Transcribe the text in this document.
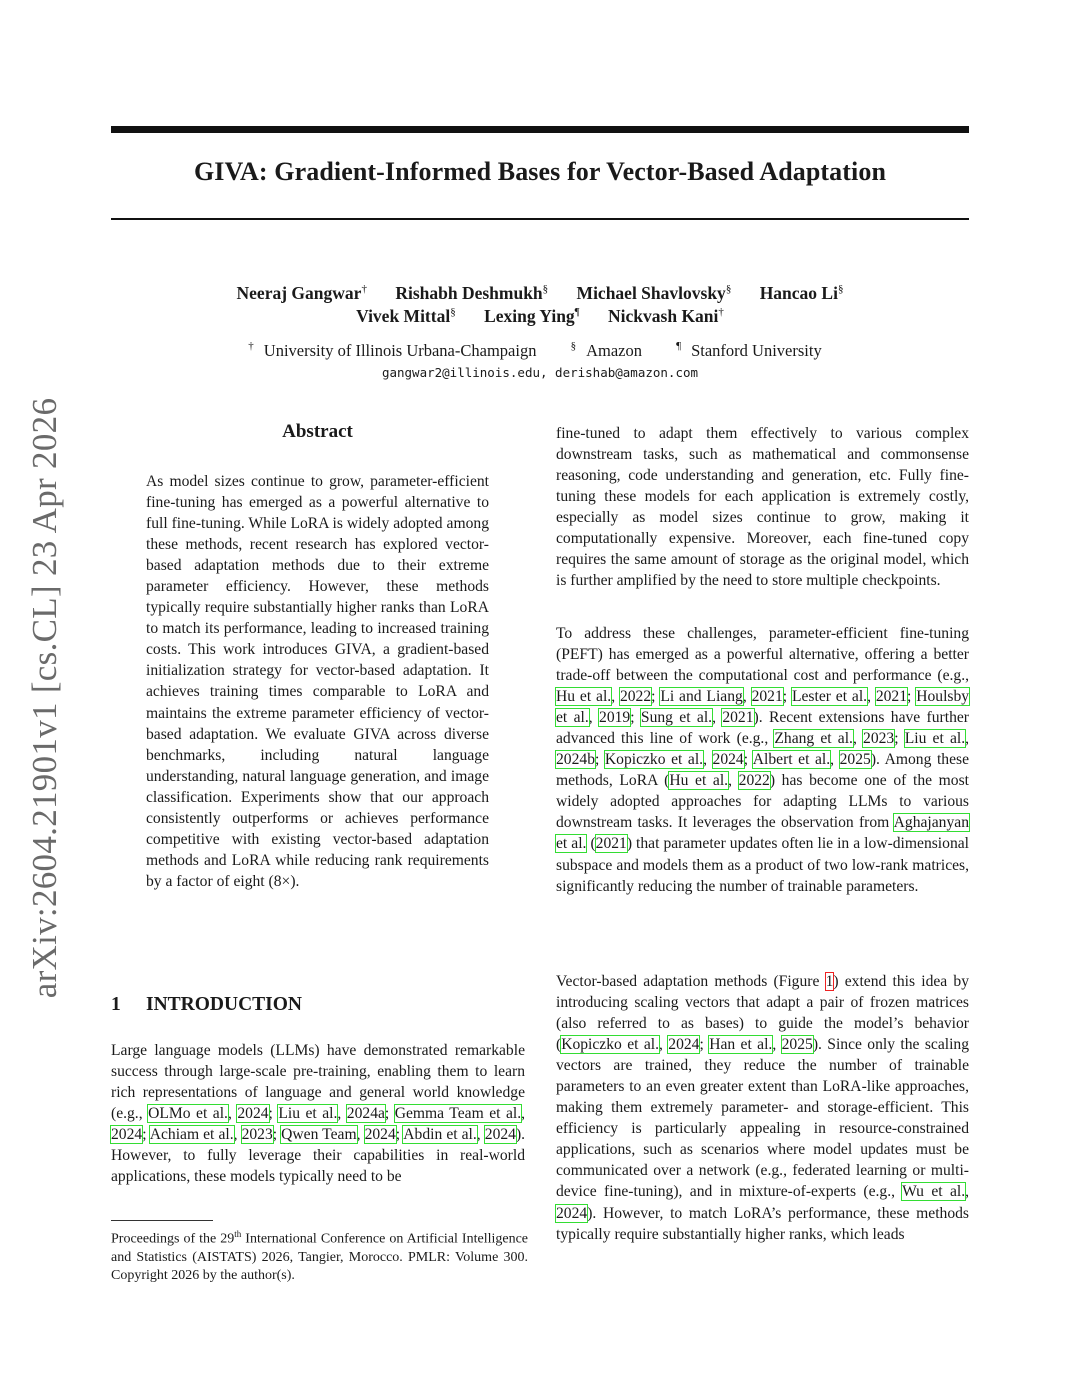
GIVA: Gradient-Informed Bases for Vector-Based Adaptation
Neeraj Gangwar† Rishabh Deshmukh§ Michael Shavlovsky§ Hancao Li§
Vivek Mittal§ Lexing Ying¶ Nickvash Kani†
† University of Illinois Urbana-Champaign	§ Amazon	¶ Stanford University
gangwar2@illinois.edu, derishab@amazon.com
arXiv:2604.21901v1 [cs.CL] 23 Apr 2026	Abstract
As model sizes continue to grow, parameter-efficient fine-tuning has emerged as a powerful alternative to full fine-tuning. While LoRA is widely adopted among these methods, recent research has explored vector-based adaptation methods due to their extreme parameter efficiency. However, these methods typically require substantially higher ranks than LoRA to match its performance, leading to increased training costs. This work introduces GIVA, a gradient-based initialization strategy for vector-based adaptation. It achieves training times comparable to LoRA and maintains the extreme parameter efficiency of vector-based adaptation. We evaluate GIVA across diverse benchmarks, including natural language understanding, natural language generation, and image classification. Experiments show that our approach consistently outperforms or achieves performance competitive with existing vector-based adaptation methods and LoRA while reducing rank requirements by a factor of eight (8×).
1 INTRODUCTION
Large language models (LLMs) have demonstrated remarkable success through large-scale pre-training, enabling them to learn rich representations of language and general world knowledge (e.g., OLMo et al., 2024; Liu et al., 2024a; Gemma Team et al., 2024; Achiam et al., 2023; Qwen Team, 2024; Abdin et al., 2024). However, to fully leverage their capabilities in real-world applications, these models typically need to be
Proceedings of the 29th International Conference on Artificial Intelligence and Statistics (AISTATS) 2026, Tangier, Morocco. PMLR: Volume 300. Copyright 2026 by the author(s).

fine-tuned to adapt them effectively to various complex downstream tasks, such as mathematical and commonsense reasoning, code understanding and generation, etc. Fully fine-tuning these models for each application is extremely costly, especially as model sizes continue to grow, making it computationally expensive. Moreover, each fine-tuned copy requires the same amount of storage as the original model, which is further amplified by the need to store multiple checkpoints.

To address these challenges, parameter-efficient fine-tuning (PEFT) has emerged as a powerful alternative, offering a better trade-off between the computational cost and performance (e.g., Hu et al., 2022; Li and Liang, 2021; Lester et al., 2021; Houlsby et al., 2019; Sung et al., 2021). Recent extensions have further advanced this line of work (e.g., Zhang et al., 2023; Liu et al., 2024b; Kopiczko et al., 2024; Albert et al., 2025). Among these methods, LoRA (Hu et al., 2022) has become one of the most widely adopted approaches for adapting LLMs to various downstream tasks. It leverages the observation from Aghajanyan et al. (2021) that parameter updates often lie in a low-dimensional subspace and models them as a product of two low-rank matrices, significantly reducing the number of trainable parameters.

Vector-based adaptation methods (Figure 1) extend this idea by introducing scaling vectors that adapt a pair of frozen matrices (also referred to as bases) to guide the model’s behavior (Kopiczko et al., 2024; Han et al., 2025). Since only the scaling vectors are trained, they reduce the number of trainable parameters to an even greater extent than LoRA-like approaches, making them extremely parameter- and storage-efficient. This efficiency is particularly appealing in resource-constrained applications, such as scenarios where model updates must be communicated over a network (e.g., federated learning or multi-device fine-tuning), and in mixture-of-experts (e.g., Wu et al., 2024). However, to match LoRA’s performance, these methods typically require substantially higher ranks, which leads
